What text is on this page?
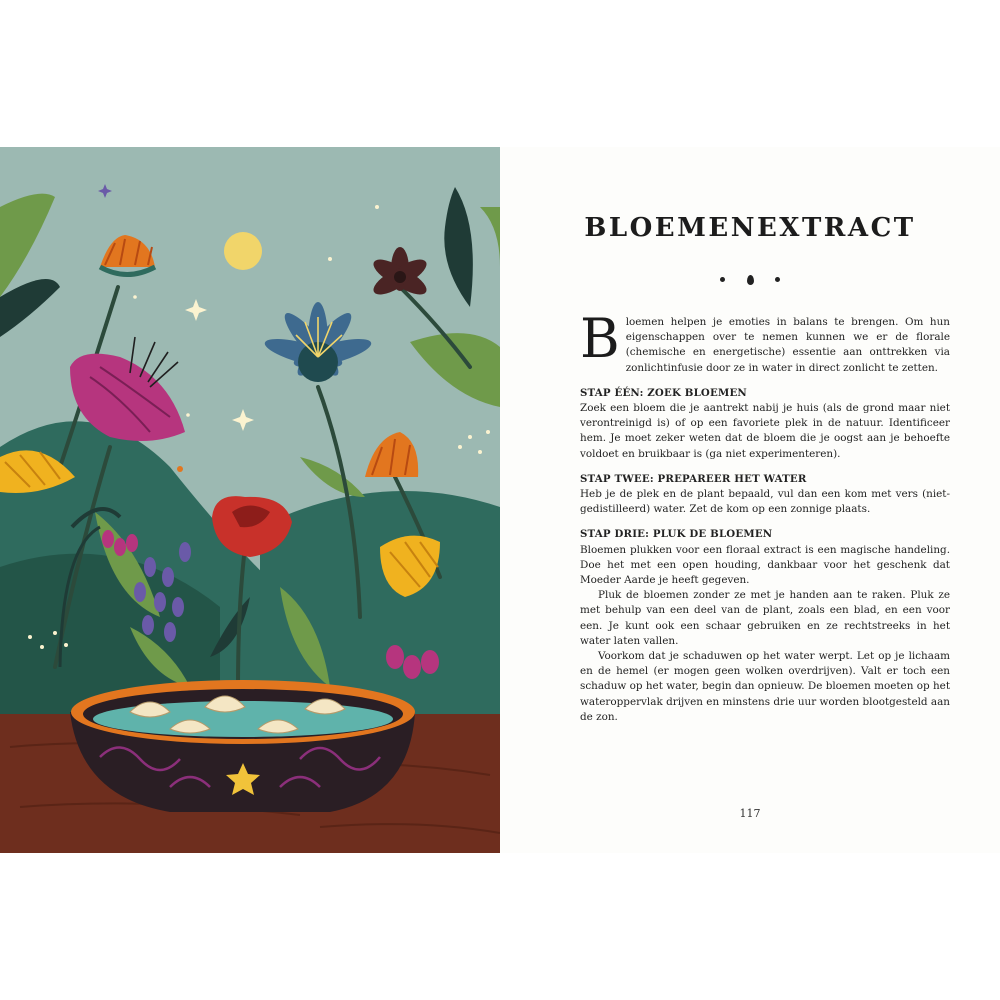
BLOEMENEXTRACT

Bloemen helpen je emoties in balans te brengen. Om hun eigenschappen over te nemen kunnen we er de florale (chemische en energetische) essentie aan onttrekken via zonlichtinfusie door ze in water in direct zonlicht te zetten.

STAP ÉÉN: ZOEK BLOEMEN

Zoek een bloem die je aantrekt nabij je huis (als de grond maar niet verontreinigd is) of op een favoriete plek in de natuur. Identificeer hem. Je moet zeker weten dat de bloem die je oogst aan je behoefte voldoet en bruikbaar is (ga niet experimenteren).

STAP TWEE: PREPAREER HET WATER

Heb je de plek en de plant bepaald, vul dan een kom met vers (niet-gedistilleerd) water. Zet de kom op een zonnige plaats.

STAP DRIE: PLUK DE BLOEMEN

Bloemen plukken voor een floraal extract is een magische handeling. Doe het met een open houding, dankbaar voor het geschenk dat Moeder Aarde je heeft gegeven.

Pluk de bloemen zonder ze met je handen aan te raken. Pluk ze met behulp van een deel van de plant, zoals een blad, en een voor een. Je kunt ook een schaar gebruiken en ze rechtstreeks in het water laten vallen.

Voorkom dat je schaduwen op het water werpt. Let op je lichaam en de hemel (er mogen geen wolken overdrijven). Valt er toch een schaduw op het water, begin dan opnieuw. De bloemen moeten op het wateroppervlak drijven en minstens drie uur worden blootgesteld aan de zon.

117
